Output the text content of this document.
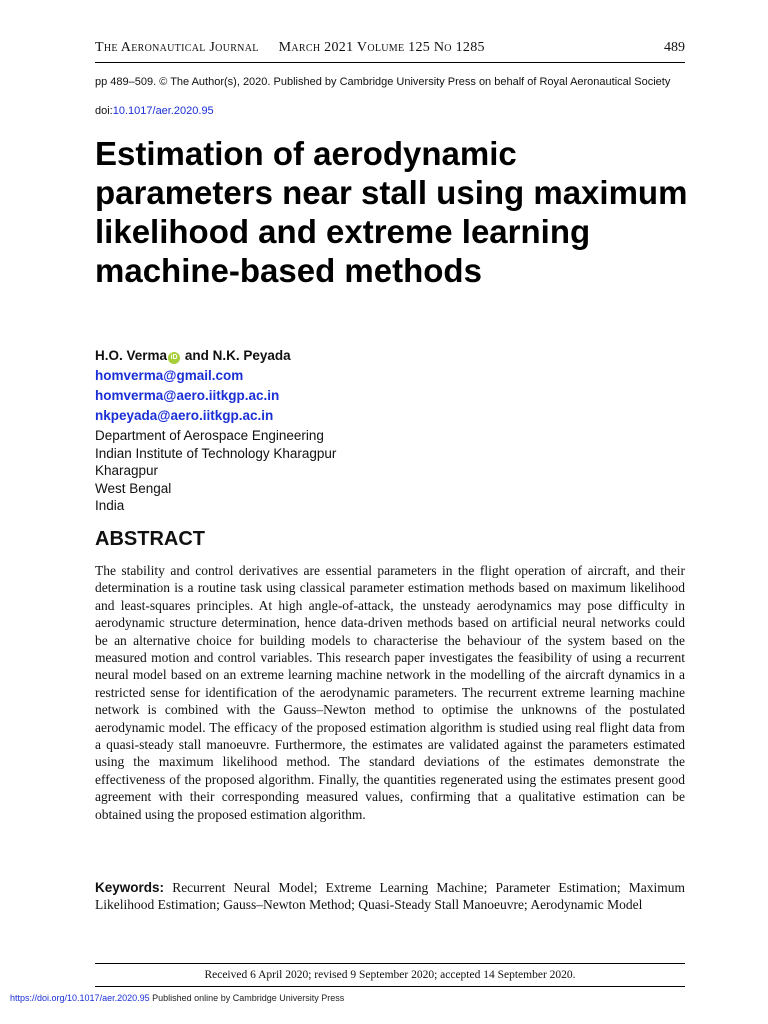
The Aeronautical Journal March 2021 Volume 125 No 1285	489
pp 489–509. © The Author(s), 2020. Published by Cambridge University Press on behalf of Royal Aeronautical Society
doi:10.1017/aer.2020.95
Estimation of aerodynamic parameters near stall using maximum likelihood and extreme learning machine-based methods
H.O. Verma iD and N.K. Peyada
homverma@gmail.com
homverma@aero.iitkgp.ac.in
nkpeyada@aero.iitkgp.ac.in
Department of Aerospace Engineering
Indian Institute of Technology Kharagpur
Kharagpur
West Bengal
India
ABSTRACT

The stability and control derivatives are essential parameters in the flight operation of aircraft, and their determination is a routine task using classical parameter estimation methods based on maximum likelihood and least-squares principles. At high angle-of-attack, the unsteady aerodynamics may pose difficulty in aerodynamic structure determination, hence data-driven methods based on artificial neural networks could be an alternative choice for building models to characterise the behaviour of the system based on the measured motion and control variables. This research paper investigates the feasibility of using a recurrent neural model based on an extreme learning machine network in the modelling of the aircraft dynamics in a restricted sense for identification of the aerodynamic parameters. The recurrent extreme learning machine network is combined with the Gauss–Newton method to optimise the unknowns of the postulated aerodynamic model. The efficacy of the proposed estimation algorithm is studied using real flight data from a quasi-steady stall manoeuvre. Furthermore, the estimates are validated against the parameters estimated using the maximum likelihood method. The standard deviations of the estimates demonstrate the effectiveness of the proposed algorithm. Finally, the quantities regenerated using the estimates present good agreement with their corresponding measured values, confirming that a qualitative estimation can be obtained using the proposed estimation algorithm.

Keywords: Recurrent Neural Model; Extreme Learning Machine; Parameter Estimation; Maximum Likelihood Estimation; Gauss–Newton Method; Quasi-Steady Stall Manoeuvre; Aerodynamic Model

Received 6 April 2020; revised 9 September 2020; accepted 14 September 2020.
https://doi.org/10.1017/aer.2020.95 Published online by Cambridge University Press
